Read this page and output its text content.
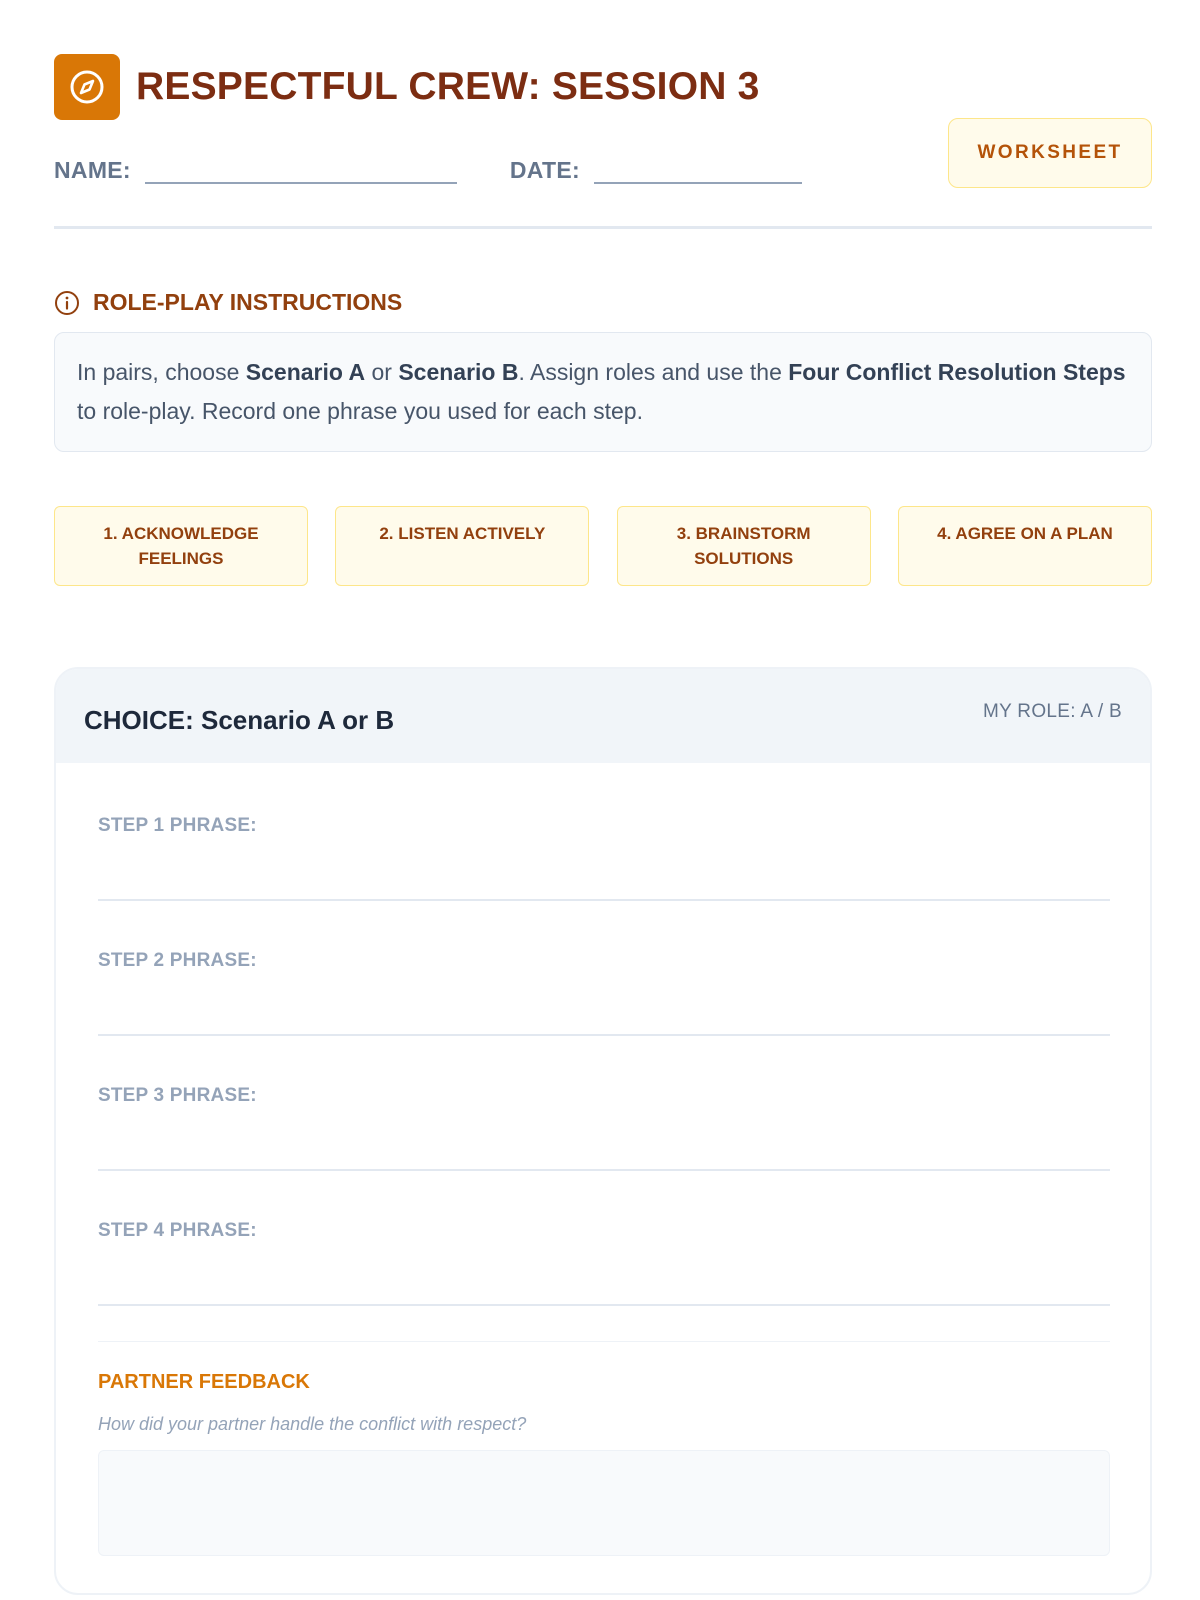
RESPECTFUL CREW: SESSION 3
NAME:	DATE:
WORKSHEET
ROLE-PLAY INSTRUCTIONS
In pairs, choose Scenario A or Scenario B. Assign roles and use the Four Conflict Resolution Steps to role-play. Record one phrase you used for each step.
1. ACKNOWLEDGE FEELINGS
2. LISTEN ACTIVELY	3. BRAINSTORM SOLUTIONS
4. AGREE ON A PLAN
CHOICE: Scenario A or B	MY ROLE: A / B
STEP 1 PHRASE:
STEP 2 PHRASE:
STEP 3 PHRASE:
STEP 4 PHRASE:
PARTNER FEEDBACK
How did your partner handle the conflict with respect?
